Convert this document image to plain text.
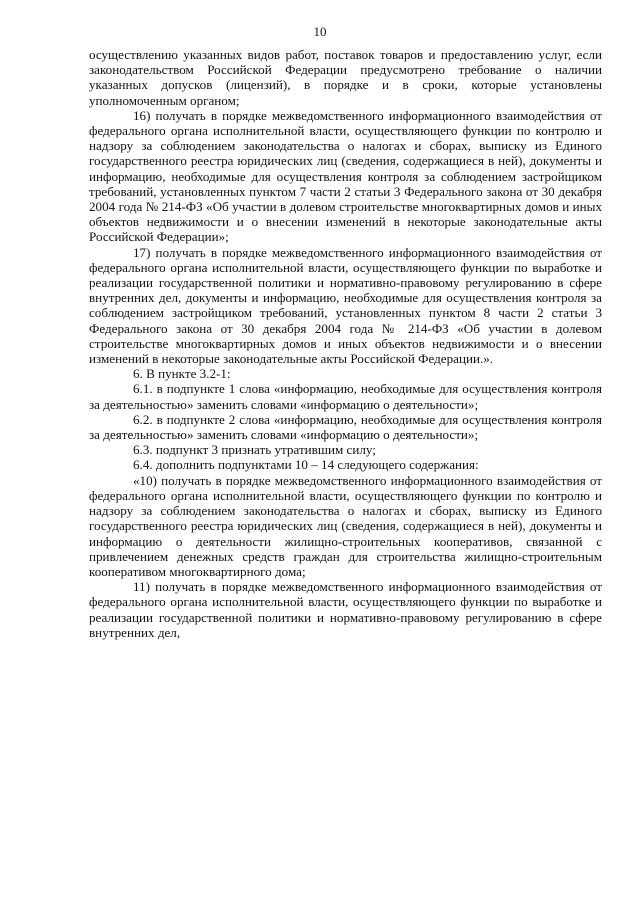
10

осуществлению указанных видов работ, поставок товаров и предоставлению услуг, если законодательством Российской Федерации предусмотрено требование о наличии указанных допусков (лицензий), в порядке и в сроки, которые установлены уполномоченным органом;

16) получать в порядке межведомственного информационного взаимодействия от федерального органа исполнительной власти, осуществляющего функции по контролю и надзору за соблюдением законодательства о налогах и сборах, выписку из Единого государственного реестра юридических лиц (сведения, содержащиеся в ней), документы и информацию, необходимые для осуществления контроля за соблюдением застройщиком требований, установленных пунктом 7 части 2 статьи 3 Федерального закона от 30 декабря 2004 года № 214-ФЗ «Об участии в долевом строительстве многоквартирных домов и иных объектов недвижимости и о внесении изменений в некоторые законодательные акты Российской Федерации»;

17) получать в порядке межведомственного информационного взаимодействия от федерального органа исполнительной власти, осуществляющего функции по выработке и реализации государственной политики и нормативно-правовому регулированию в сфере внутренних дел, документы и информацию, необходимые для осуществления контроля за соблюдением застройщиком требований, установленных пунктом 8 части 2 статьи 3 Федерального закона от 30 декабря 2004 года № 214-ФЗ «Об участии в долевом строительстве многоквартирных домов и иных объектов недвижимости и о внесении изменений в некоторые законодательные акты Российской Федерации.».

6. В пункте 3.2-1:

6.1. в подпункте 1 слова «информацию, необходимые для осуществления контроля за деятельностью» заменить словами «информацию о деятельности»;

6.2. в подпункте 2 слова «информацию, необходимые для осуществления контроля за деятельностью» заменить словами «информацию о деятельности»;

6.3. подпункт 3 признать утратившим силу;

6.4. дополнить подпунктами 10 – 14 следующего содержания:

«10) получать в порядке межведомственного информационного взаимодействия от федерального органа исполнительной власти, осуществляющего функции по контролю и надзору за соблюдением законодательства о налогах и сборах, выписку из Единого государственного реестра юридических лиц (сведения, содержащиеся в ней), документы и информацию о деятельности жилищно-строительных кооперативов, связанной с привлечением денежных средств граждан для строительства жилищно-строительным кооперативом многоквартирного дома;

11) получать в порядке межведомственного информационного взаимодействия от федерального органа исполнительной власти, осуществляющего функции по выработке и реализации государственной политики и нормативно-правовому регулированию в сфере внутренних дел,
